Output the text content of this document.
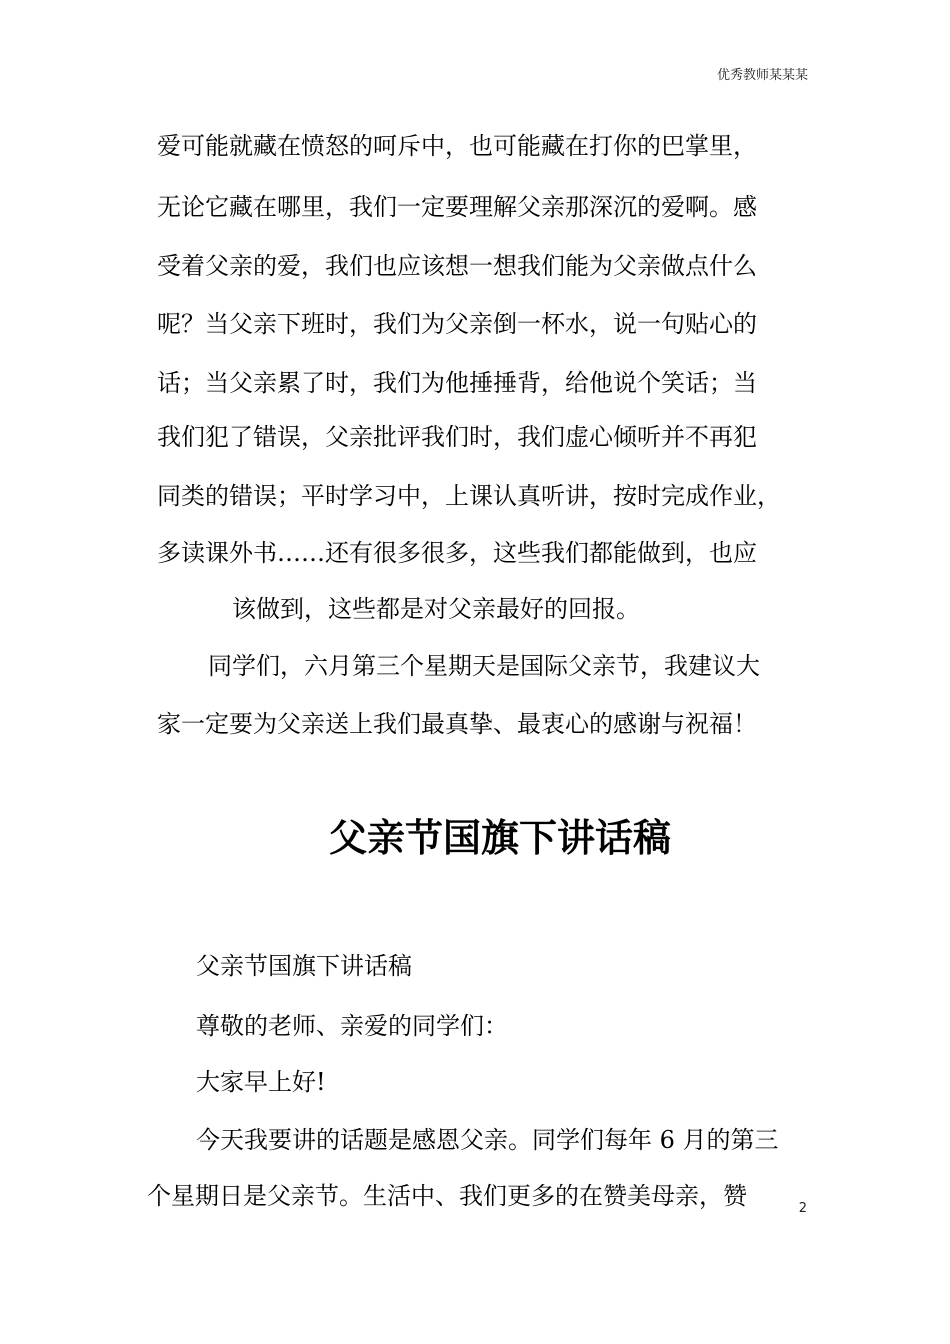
优秀教师某某某
爱可能就藏在愤怒的呵斥中，也可能藏在打你的巴掌里，
无论它藏在哪里，我们一定要理解父亲那深沉的爱啊。感
受着父亲的爱，我们也应该想一想我们能为父亲做点什么
呢？当父亲下班时，我们为父亲倒一杯水，说一句贴心的
话；当父亲累了时，我们为他捶捶背，给他说个笑话；当
我们犯了错误，父亲批评我们时，我们虚心倾听并不再犯
同类的错误；平时学习中，上课认真听讲，按时完成作业，
多读课外书……还有很多很多，这些我们都能做到，也应
该做到，这些都是对父亲最好的回报。
同学们，六月第三个星期天是国际父亲节，我建议大
家一定要为父亲送上我们最真挚、最衷心的感谢与祝福！
父亲节国旗下讲话稿
父亲节国旗下讲话稿
尊敬的老师、亲爱的同学们：
大家早上好!
今天我要讲的话题是感恩父亲。同学们每年 6 月的第三
个星期日是父亲节。生活中、我们更多的在赞美母亲，赞	2
